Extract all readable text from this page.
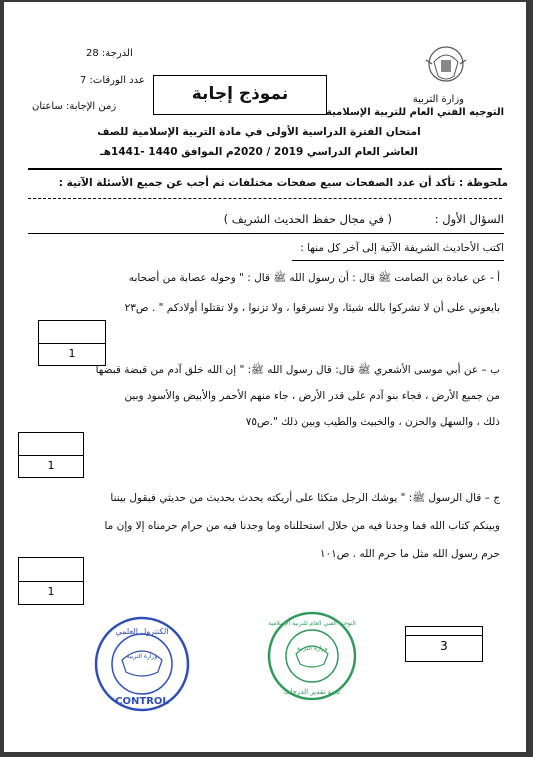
وزارة التربية
التوجيه الفني العام للتربية الإسلامية
الدرجة: 28
عدد الورقات: 7
زمن الإجابة: ساعتان
نموذج إجابة
امتحان الفترة الدراسية الأولى في مادة التربية الإسلامية للصف
العاشر العام الدراسي 2019 / 2020م الموافق 1440 -1441هـ
ملحوظة : تأكد أن عدد الصفحات سبع صفحات مختلفات ثم أجب عن جميع الأسئلة الآتية :
السؤال الأول :
( في مجال حفظ الحديث الشريف )
اكتب الأحاديث الشريفة الآتية إلى آخر كل منها :
أ - عن عبادة بن الصامت ﷺ قال : أن رسول الله ﷺ قال : " وحوله عصابة من أصحابه
بايعوني على أن لا تشركوا بالله شيئا، ولا تسرقوا ، ولا تزنوا ، ولا تقتلوا أولادكم " . ص٢٣
1
ب – عن أبي موسى الأشعري ﷺ قال: قال رسول الله ﷺ: " إن الله خلق آدم من قبضة قبضها
من جميع الأرض ، فجاء بنو آدم على قدر الأرض ، جاء منهم الأحمر والأبيض والأسود وبين
ذلك ، والسهل والحزن ، والخبيث والطيب وبين ذلك ".ص٧٥
1
ج – قال الرسول ﷺ: " يوشك الرجل متكئا على أريكته يحدث بحديث من حديثي فيقول بيننا
وبينكم كتاب الله فما وجدنا فيه من حلال استحللناه وما وجدنا فيه من حرام حرمناه إلا وإن ما
حرم رسول الله مثل ما حرم الله . ص١٠١
1
الكنترول العلمي
وزارة التربية
CONTROL
التوجيه الفني العام للتربية الإسلامية
وزارة التربية
لجنة تقدير الدرجات
3
